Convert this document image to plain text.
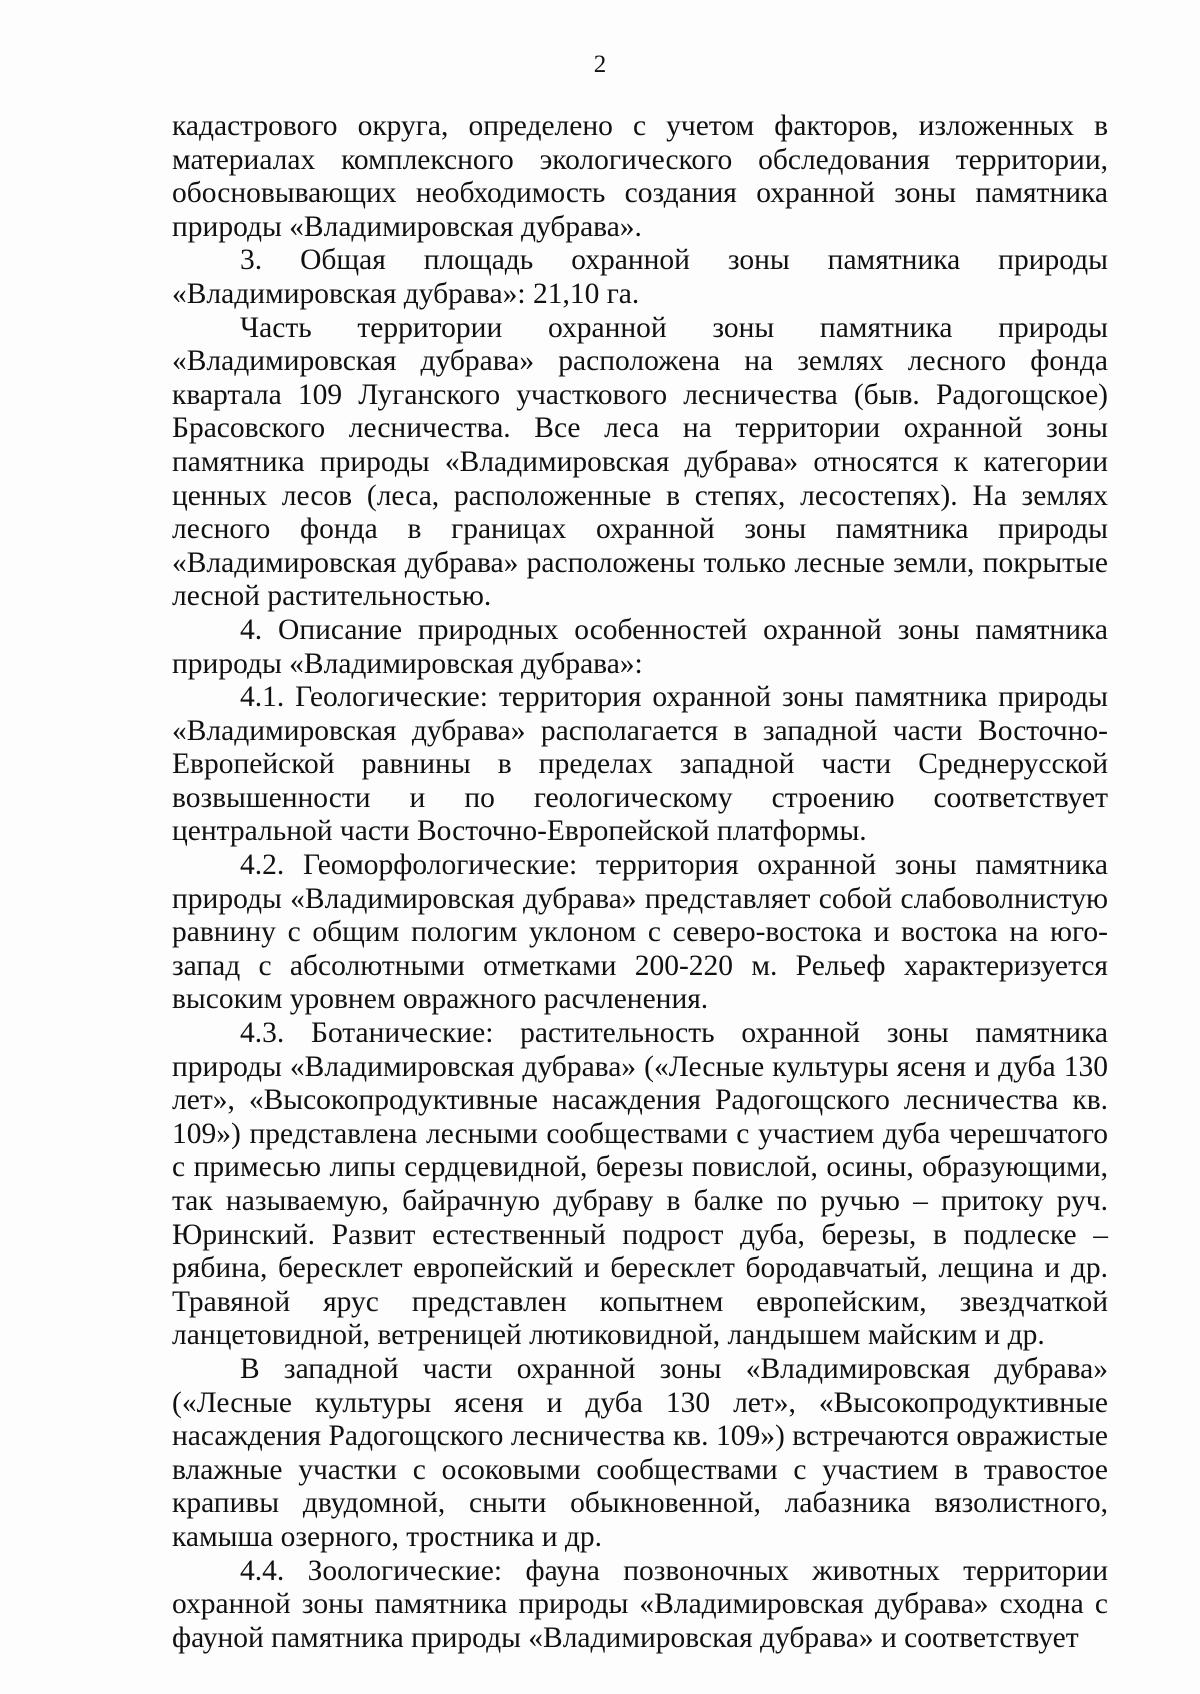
2

кадастрового округа, определено с учетом факторов, изложенных в материалах комплексного экологического обследования территории, обосновывающих необходимость создания охранной зоны памятника природы «Владимировская дубрава».

3. Общая площадь охранной зоны памятника природы «Владимировская дубрава»: 21,10 га.

Часть территории охранной зоны памятника природы «Владимировская дубрава» расположена на землях лесного фонда квартала 109 Луганского участкового лесничества (быв. Радогощское) Брасовского лесничества. Все леса на территории охранной зоны памятника природы «Владимировская дубрава» относятся к категории ценных лесов (леса, расположенные в степях, лесостепях). На землях лесного фонда в границах охранной зоны памятника природы «Владимировская дубрава» расположены только лесные земли, покрытые лесной растительностью.

4. Описание природных особенностей охранной зоны памятника природы «Владимировская дубрава»:

4.1. Геологические: территория охранной зоны памятника природы «Владимировская дубрава» располагается в западной части Восточно-Европейской равнины в пределах западной части Среднерусской возвышенности и по геологическому строению соответствует центральной части Восточно-Европейской платформы.

4.2. Геоморфологические: территория охранной зоны памятника природы «Владимировская дубрава» представляет собой слабоволнистую равнину с общим пологим уклоном с северо-востока и востока на юго-запад с абсолютными отметками 200-220 м. Рельеф характеризуется высоким уровнем овражного расчленения.

4.3. Ботанические: растительность охранной зоны памятника природы «Владимировская дубрава» («Лесные культуры ясеня и дуба 130 лет», «Высокопродуктивные насаждения Радогощского лесничества кв. 109») представлена лесными сообществами с участием дуба черешчатого с примесью липы сердцевидной, березы повислой, осины, образующими, так называемую, байрачную дубраву в балке по ручью – притоку руч. Юринский. Развит естественный подрост дуба, березы, в подлеске – рябина, бересклет европейский и бересклет бородавчатый, лещина и др. Травяной ярус представлен копытнем европейским, звездчаткой ланцетовидной, ветреницей лютиковидной, ландышем майским и др.

В западной части охранной зоны «Владимировская дубрава» («Лесные культуры ясеня и дуба 130 лет», «Высокопродуктивные насаждения Радогощского лесничества кв. 109») встречаются овражистые влажные участки с осоковыми сообществами с участием в травостое крапивы двудомной, сныти обыкновенной, лабазника вязолистного, камыша озерного, тростника и др.

4.4. Зоологические: фауна позвоночных животных территории охранной зоны памятника природы «Владимировская дубрава» сходна с фауной памятника природы «Владимировская дубрава» и соответствует
